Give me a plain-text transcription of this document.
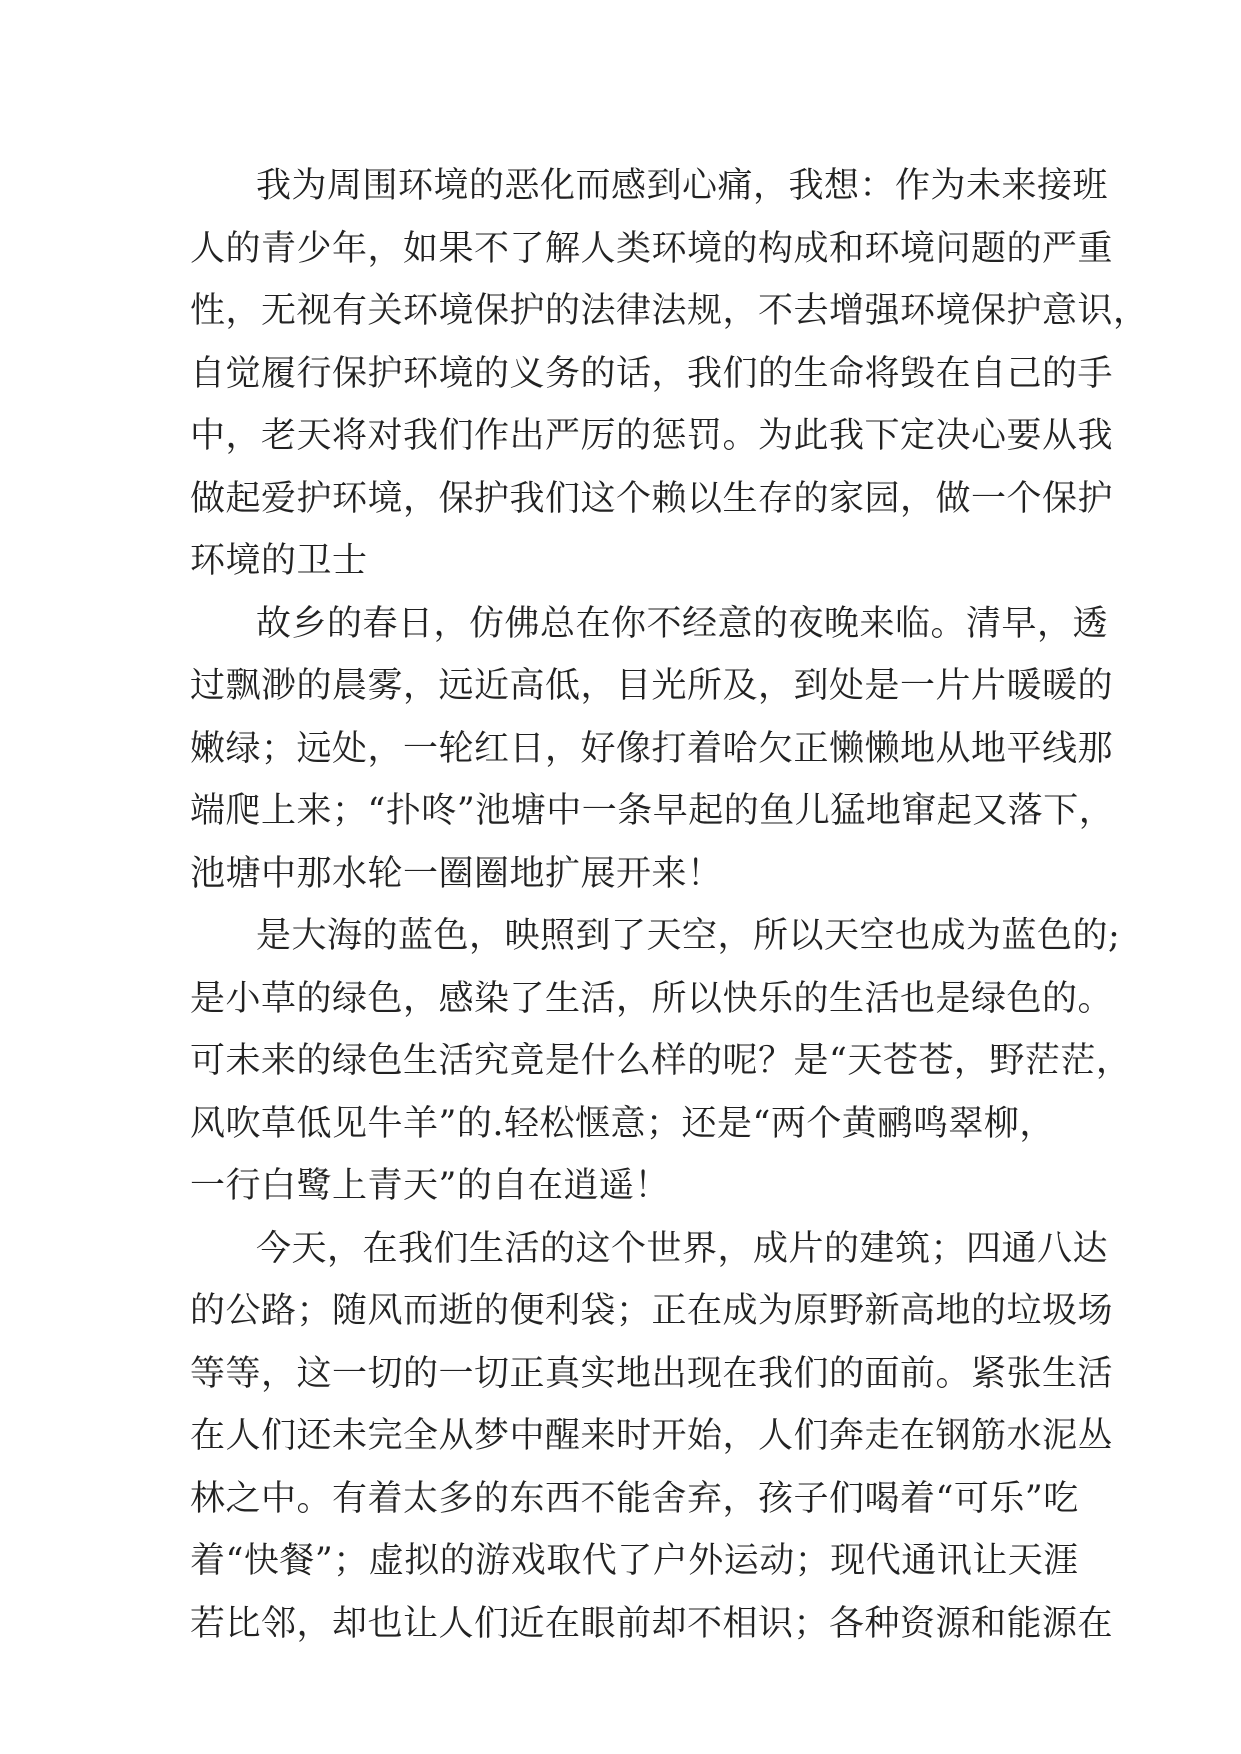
我为周围环境的恶化而感到心痛，我想：作为未来接班
人的青少年，如果不了解人类环境的构成和环境问题的严重
性，无视有关环境保护的法律法规，不去增强环境保护意识，
自觉履行保护环境的义务的话，我们的生命将毁在自己的手
中，老天将对我们作出严厉的惩罚。为此我下定决心要从我
做起爱护环境，保护我们这个赖以生存的家园，做一个保护
环境的卫士
故乡的春日，仿佛总在你不经意的夜晚来临。清早，透
过飘渺的晨雾，远近高低，目光所及，到处是一片片暖暖的
嫩绿；远处，一轮红日，好像打着哈欠正懒懒地从地平线那
端爬上来；“扑咚”池塘中一条早起的鱼儿猛地窜起又落下，
池塘中那水轮一圈圈地扩展开来！
是大海的蓝色，映照到了天空，所以天空也成为蓝色的;
是小草的绿色，感染了生活，所以快乐的生活也是绿色的。
可未来的绿色生活究竟是什么样的呢？是“天苍苍，野茫茫，
风吹草低见牛羊”的.轻松惬意；还是“两个黄鹂鸣翠柳，
一行白鹭上青天”的自在逍遥！
今天，在我们生活的这个世界，成片的建筑；四通八达
的公路；随风而逝的便利袋；正在成为原野新高地的垃圾场
等等，这一切的一切正真实地出现在我们的面前。紧张生活
在人们还未完全从梦中醒来时开始，人们奔走在钢筋水泥丛
林之中。有着太多的东西不能舍弃，孩子们喝着“可乐”吃
着“快餐”；虚拟的游戏取代了户外运动；现代通讯让天涯
若比邻，却也让人们近在眼前却不相识；各种资源和能源在
